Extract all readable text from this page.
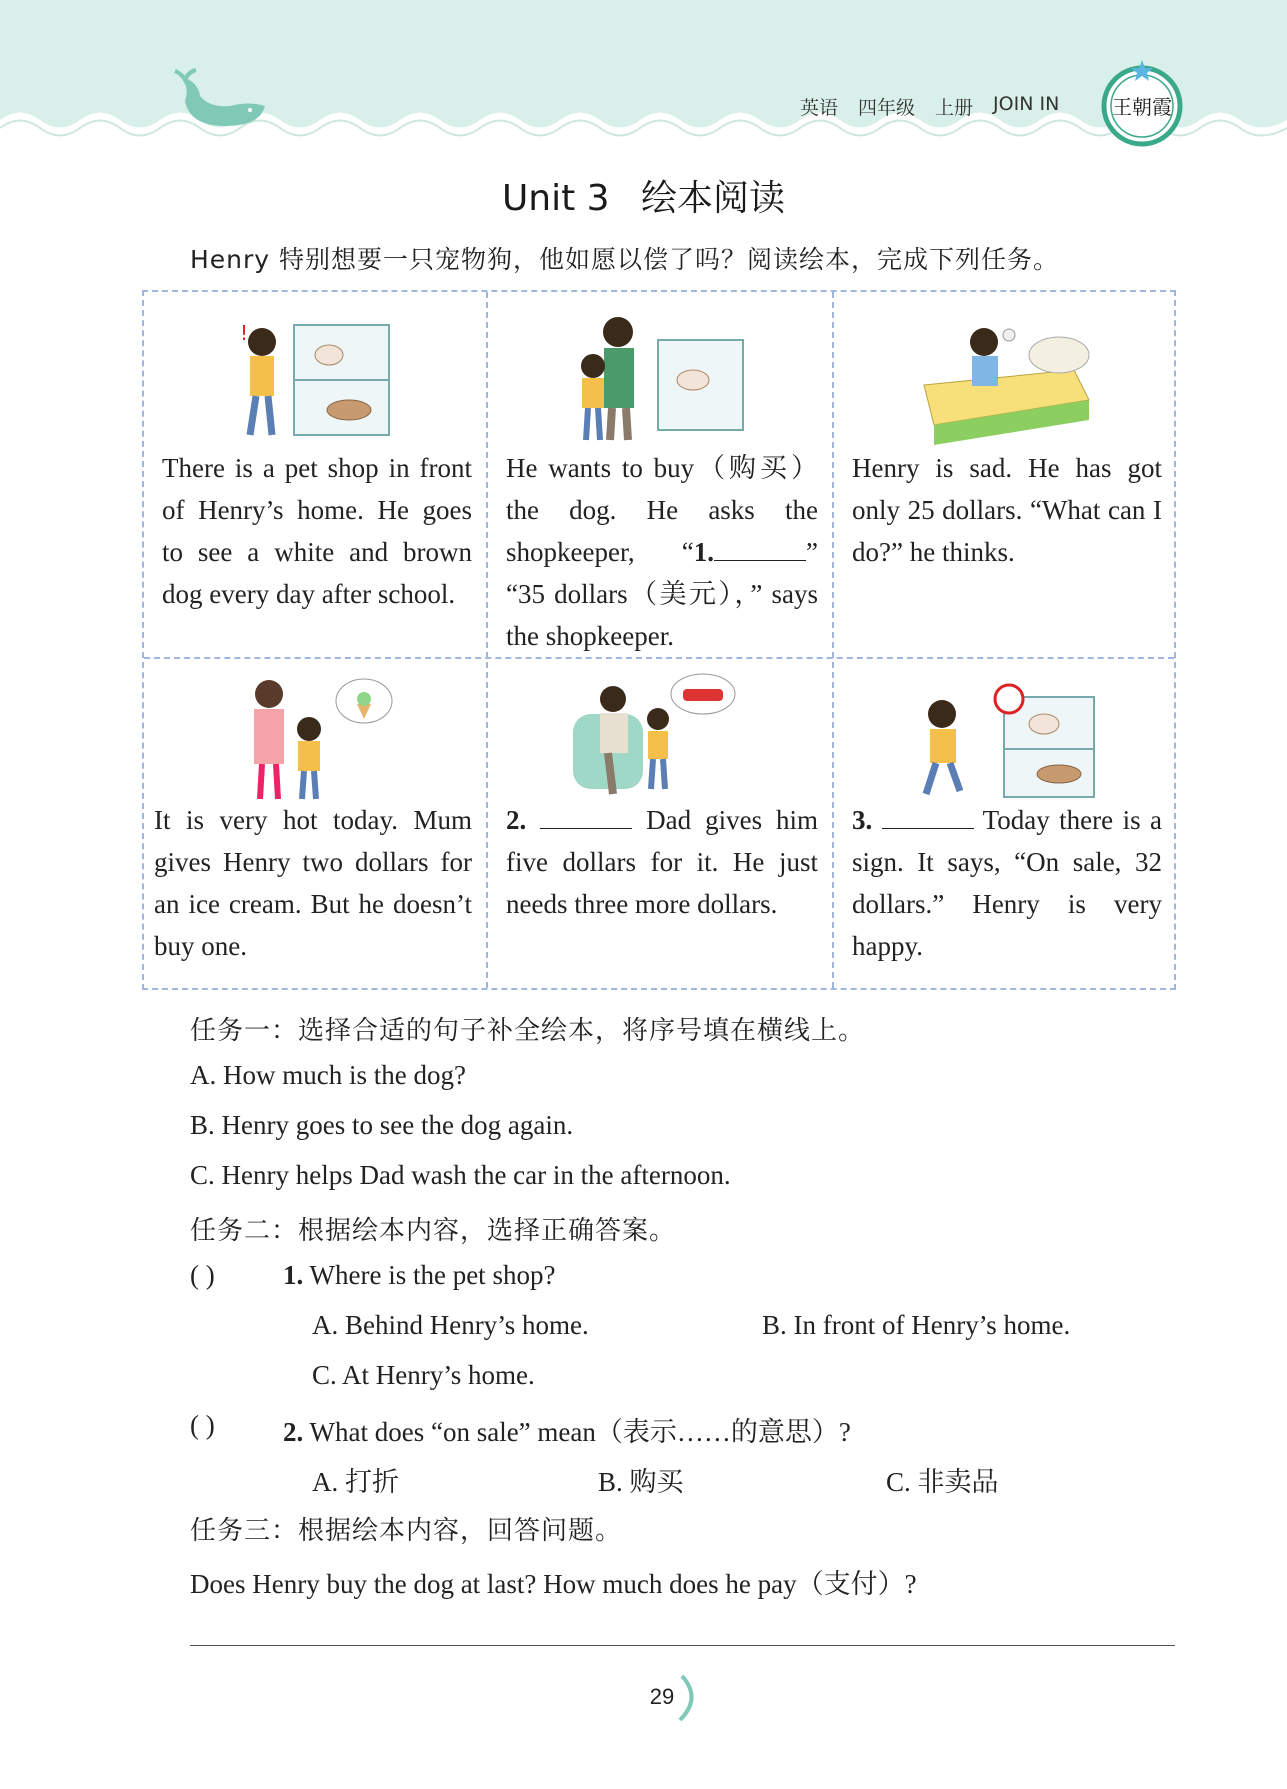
英语 四年级 上册 JOIN IN	王朝霞
Unit 3 绘本阅读
Henry 特别想要一只宠物狗，他如愿以偿了吗？阅读绘本，完成下列任务。
!
There is a pet shop in front of Henry’s home. He goes to see a white and brown dog every day after school.
He wants to buy（购买）the dog. He asks the shopkeeper, “1.	” “35 dollars（美元），” says the shopkeeper.
Henry is sad. He has got only 25 dollars. “What can I do?” he thinks.
It is very hot today. Mum gives Henry two dollars for an ice cream. But he doesn’t buy one.
2.	Dad gives him five dollars for it. He just needs three more dollars.
3.	Today there is a sign. It says, “On sale, 32 dollars.” Henry is very happy.
任务一：选择合适的句子补全绘本，将序号填在横线上。
A. How much is the dog?
B. Henry goes to see the dog again.
C. Henry helps Dad wash the car in the afternoon.
任务二：根据绘本内容，选择正确答案。
( )	1. Where is the pet shop?
A. Behind Henry’s home.	B. In front of Henry’s home.
C. At Henry’s home.
( )	2. What does “on sale” mean（表示……的意思）?
A. 打折	B. 购买	C. 非卖品
任务三：根据绘本内容，回答问题。
Does Henry buy the dog at last? How much does he pay（支付）?
29
